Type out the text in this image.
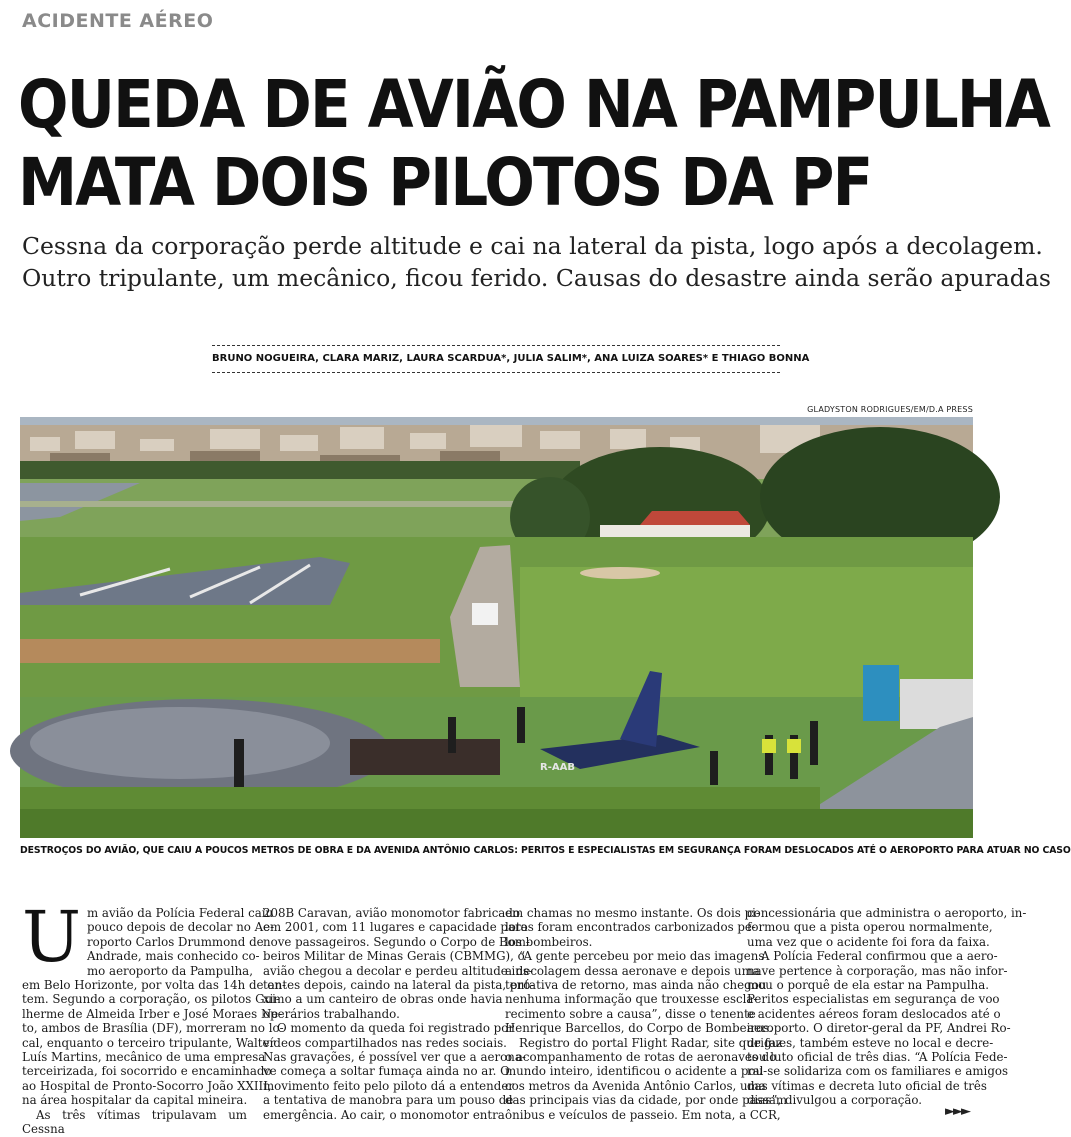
ACIDENTE AÉREO
QUEDA DE AVIÃO NA PAMPULHA
MATA DOIS PILOTOS DA PF
Cessna da corporação perde altitude e cai na lateral da pista, logo após a decolagem.
Outro tripulante, um mecânico, ficou ferido. Causas do desastre ainda serão apuradas
BRUNO NOGUEIRA, CLARA MARIZ, LAURA SCARDUA*, JULIA SALIM*, ANA LUIZA SOARES* E THIAGO BONNA
GLADYSTON RODRIGUES/EM/D.A PRESS
R-AAB
DESTROÇOS DO AVIÃO, QUE CAIU A POUCOS METROS DE OBRA E DA AVENIDA ANTÔNIO CARLOS: PERITOS E ESPECIALISTAS EM SEGURANÇA FORAM DESLOCADOS ATÉ O AEROPORTO PARA ATUAR NO CASO

U m avião da Polícia Federal caiu
pouco depois de decolar no Ae-
roporto Carlos Drummond de
Andrade, mais conhecido co-
mo aeroporto da Pampulha,
em Belo Horizonte, por volta das 14h de on-
tem. Segundo a corporação, os pilotos Gui-
lherme de Almeida Irber e José Moraes Ne-
to, ambos de Brasília (DF), morreram no lo-
cal, enquanto o terceiro tripulante, Walter
Luís Martins, mecânico de uma empresa
terceirizada, foi socorrido e encaminhado
ao Hospital de Pronto-Socorro João XXIII,
na área hospitalar da capital mineira.

As três vítimas tripulavam um Cessna

208B Caravan, avião monomotor fabricado
em 2001, com 11 lugares e capacidade para
nove passageiros. Segundo o Corpo de Bom-
beiros Militar de Minas Gerais (CBMMG), o
avião chegou a decolar e perdeu altitude ins-
tantes depois, caindo na lateral da pista, pró-
ximo a um canteiro de obras onde havia
operários trabalhando.

O momento da queda foi registrado por
vídeos compartilhados nas redes sociais.
Nas gravações, é possível ver que a aerona-
ve começa a soltar fumaça ainda no ar. O
movimento feito pelo piloto dá a entender
a tentativa de manobra para um pouso de
emergência. Ao cair, o monomotor entra

em chamas no mesmo instante. Os dois pi-
lotos foram encontrados carbonizados pe-
los bombeiros.

“A gente percebeu por meio das imagens
a decolagem dessa aeronave e depois uma
tentativa de retorno, mas ainda não chegou
nenhuma informação que trouxesse escla-
recimento sobre a causa”, disse o tenente
Henrique Barcellos, do Corpo de Bombeiros.

Registro do portal Flight Radar, site que faz
o acompanhamento de rotas de aeronaves do
mundo inteiro, identificou o acidente a pou-
cos metros da Avenida Antônio Carlos, uma
das principais vias da cidade, por onde passam
ônibus e veículos de passeio. Em nota, a CCR,

concessionária que administra o aeroporto, in-
formou que a pista operou normalmente,
uma vez que o acidente foi fora da faixa.

A Polícia Federal confirmou que a aero-
nave pertence à corporação, mas não infor-
mou o porquê de ela estar na Pampulha.
Peritos especialistas em segurança de voo
e acidentes aéreos foram deslocados até o
aeroporto. O diretor-geral da PF, Andrei Ro-
drigues, também esteve no local e decre-
tou luto oficial de três dias. “A Polícia Fede-
ral se solidariza com os familiares e amigos
das vítimas e decreta luto oficial de três
dias”, divulgou a corporação.

►►►
